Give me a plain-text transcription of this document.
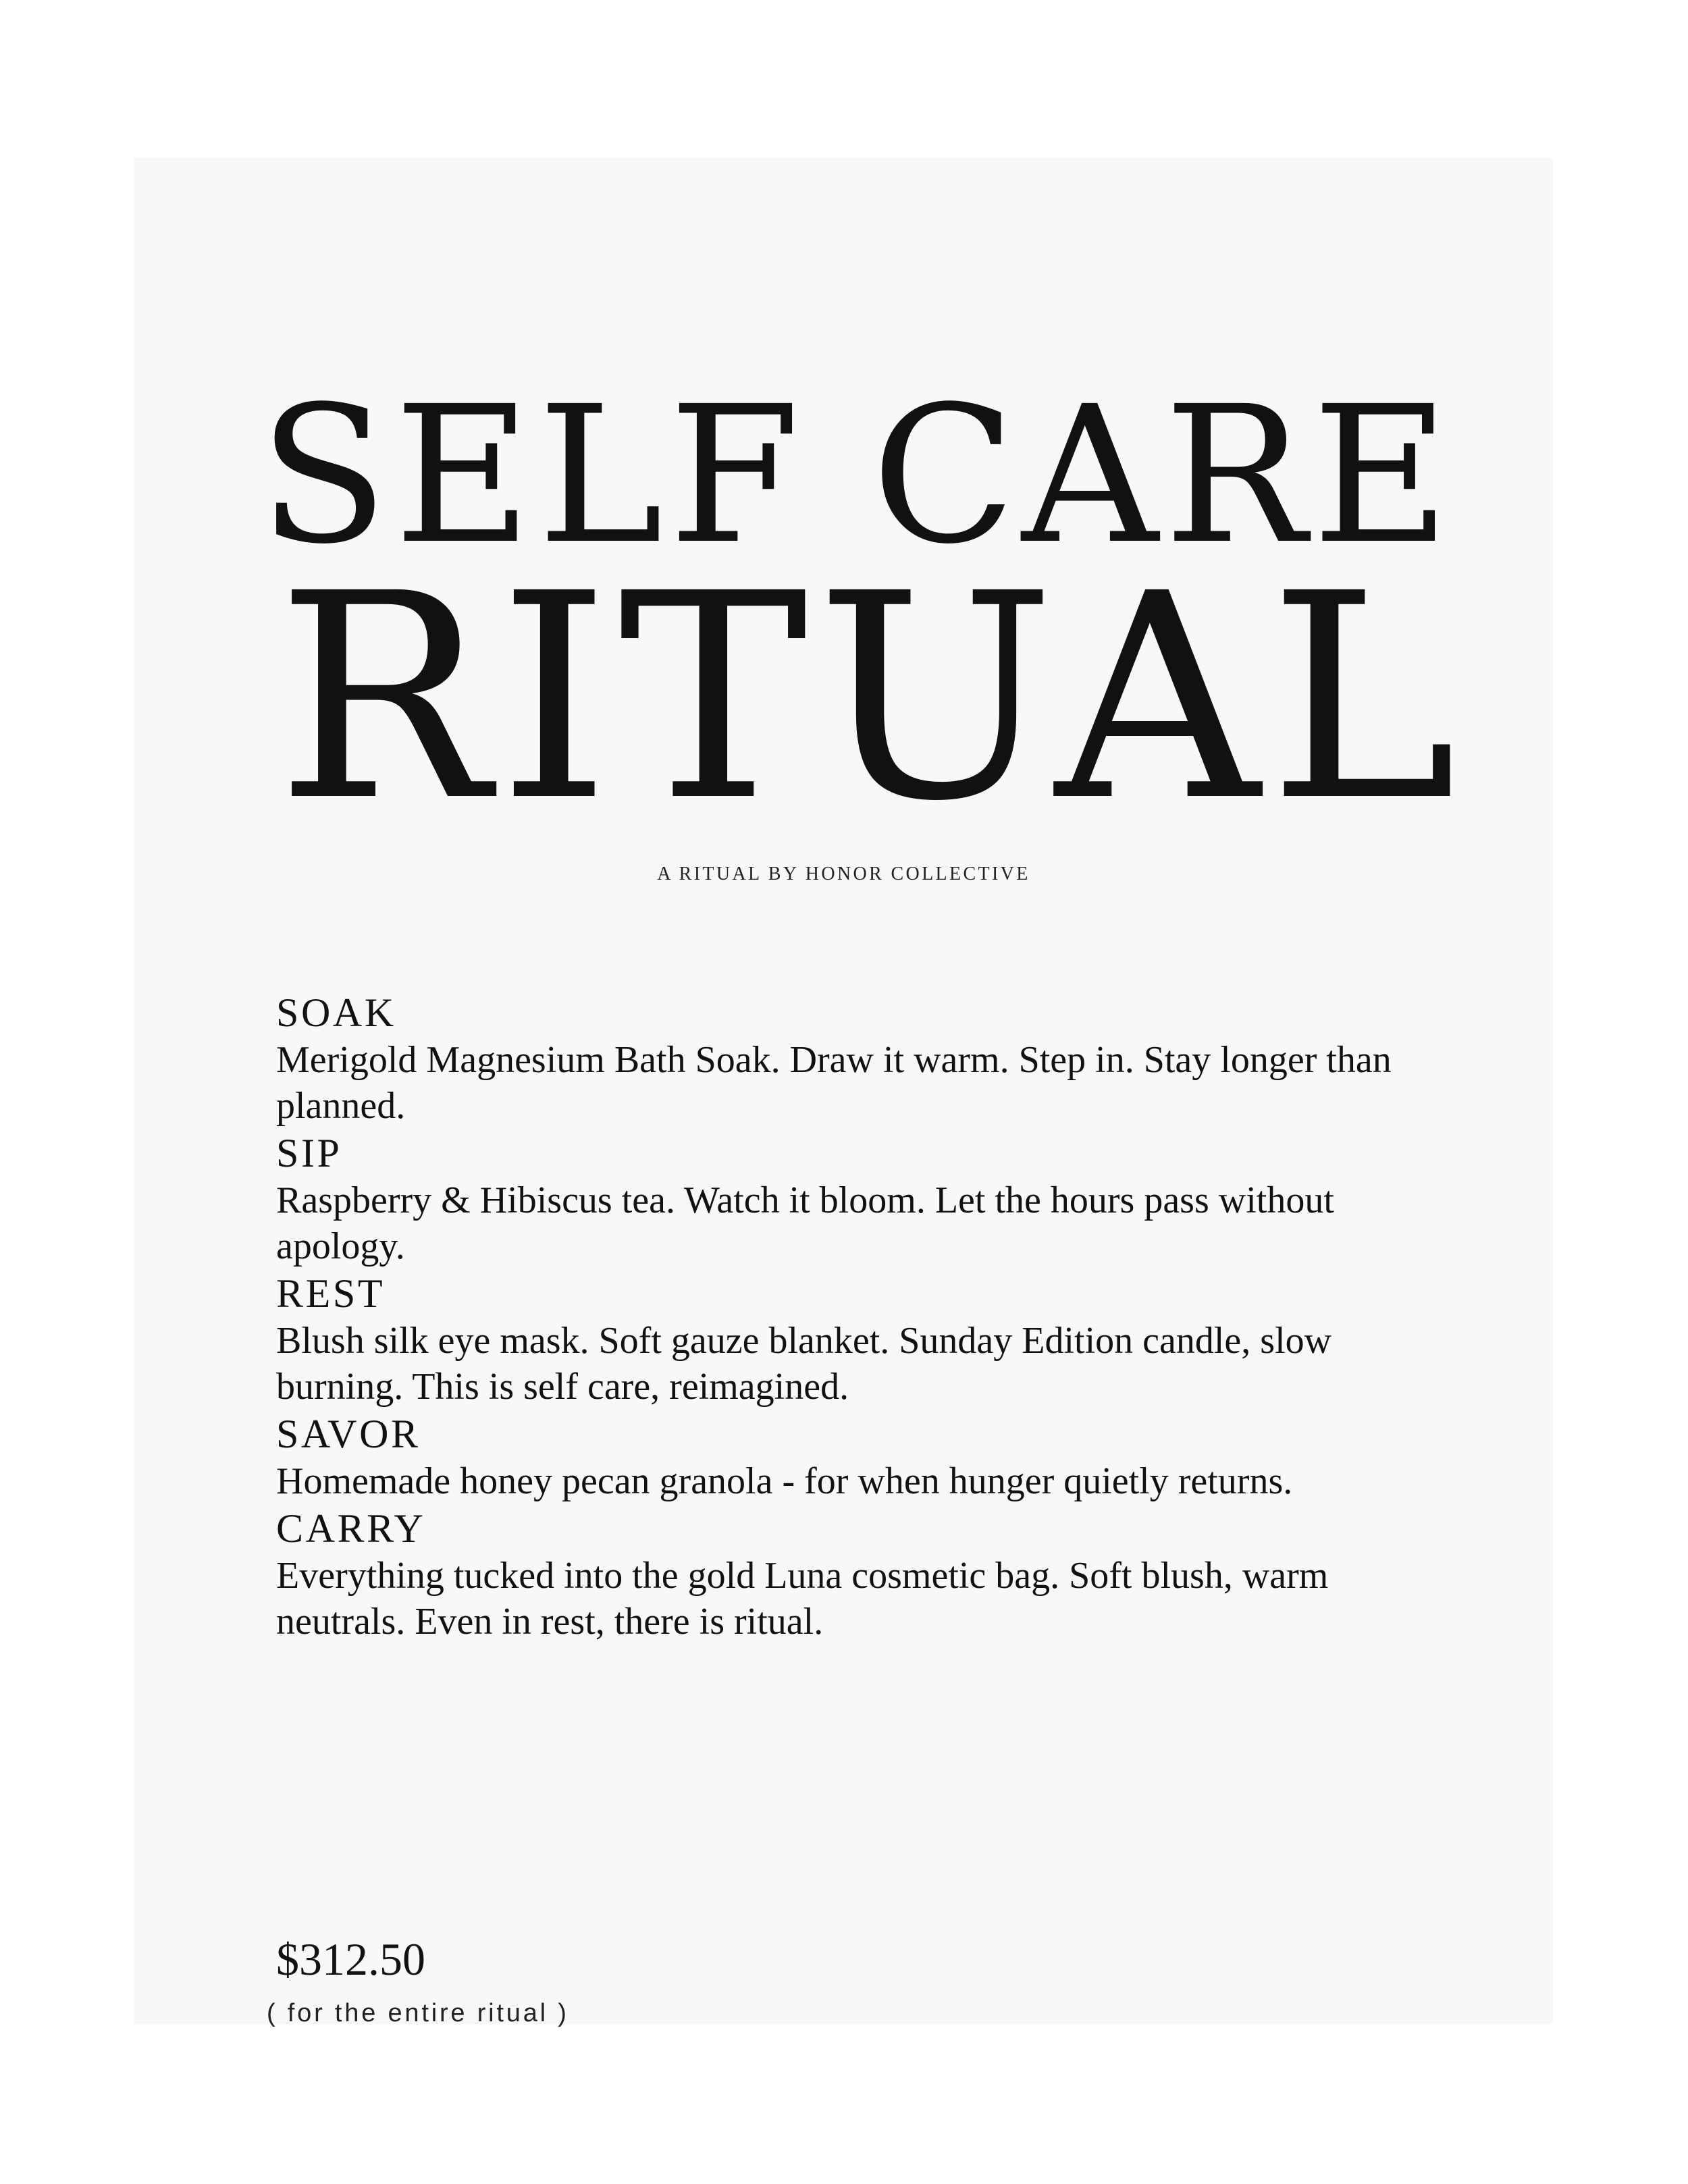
SELF CARE
RITUAL
A RITUAL BY HONOR COLLECTIVE

SOAK

Merigold Magnesium Bath Soak. Draw it warm. Step in. Stay longer than planned.

SIP

Raspberry & Hibiscus tea. Watch it bloom. Let the hours pass without apology.

REST

Blush silk eye mask. Soft gauze blanket. Sunday Edition candle, slow burning. This is self care, reimagined.

SAVOR

Homemade honey pecan granola - for when hunger quietly returns.

CARRY

Everything tucked into the gold Luna cosmetic bag. Soft blush, warm neutrals. Even in rest, there is ritual.

$312.50
( for the entire ritual )
